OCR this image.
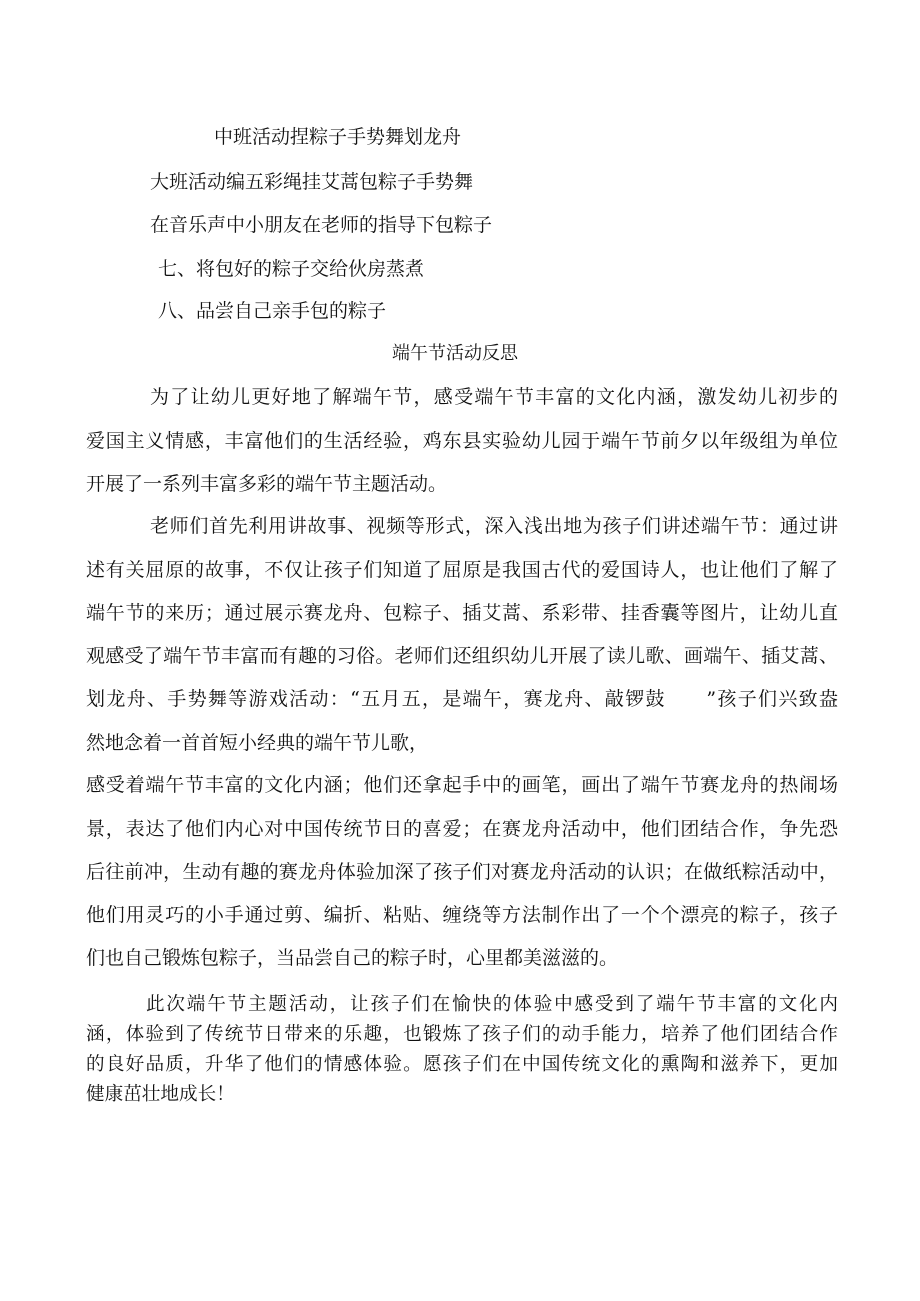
中班活动捏粽子手势舞划龙舟
大班活动编五彩绳挂艾蒿包粽子手势舞
在音乐声中小朋友在老师的指导下包粽子
七、将包好的粽子交给伙房蒸煮
八、品尝自己亲手包的粽子
端午节活动反思
为了让幼儿更好地了解端午节，感受端午节丰富的文化内涵，激发幼儿初步的
爱国主义情感，丰富他们的生活经验，鸡东县实验幼儿园于端午节前夕以年级组为单位
开展了一系列丰富多彩的端午节主题活动。
老师们首先利用讲故事、视频等形式，深入浅出地为孩子们讲述端午节：通过讲
述有关屈原的故事，不仅让孩子们知道了屈原是我国古代的爱国诗人，也让他们了解了
端午节的来历；通过展示赛龙舟、包粽子、插艾蒿、系彩带、挂香囊等图片，让幼儿直
观感受了端午节丰富而有趣的习俗。老师们还组织幼儿开展了读儿歌、画端午、插艾蒿、
划龙舟、手势舞等游戏活动：“五月五，是端午，赛龙舟、敲锣鼓　　”孩子们兴致盎
然地念着一首首短小经典的端午节儿歌，
感受着端午节丰富的文化内涵；他们还拿起手中的画笔，画出了端午节赛龙舟的热闹场
景，表达了他们内心对中国传统节日的喜爱；在赛龙舟活动中，他们团结合作，争先恐
后往前冲，生动有趣的赛龙舟体验加深了孩子们对赛龙舟活动的认识；在做纸粽活动中，
他们用灵巧的小手通过剪、编折、粘贴、缠绕等方法制作出了一个个漂亮的粽子，孩子
们也自己锻炼包粽子，当品尝自己的粽子时，心里都美滋滋的。
此次端午节主题活动，让孩子们在愉快的体验中感受到了端午节丰富的文化内
涵，体验到了传统节日带来的乐趣，也锻炼了孩子们的动手能力，培养了他们团结合作
的良好品质，升华了他们的情感体验。愿孩子们在中国传统文化的熏陶和滋养下，更加
健康茁壮地成长！
